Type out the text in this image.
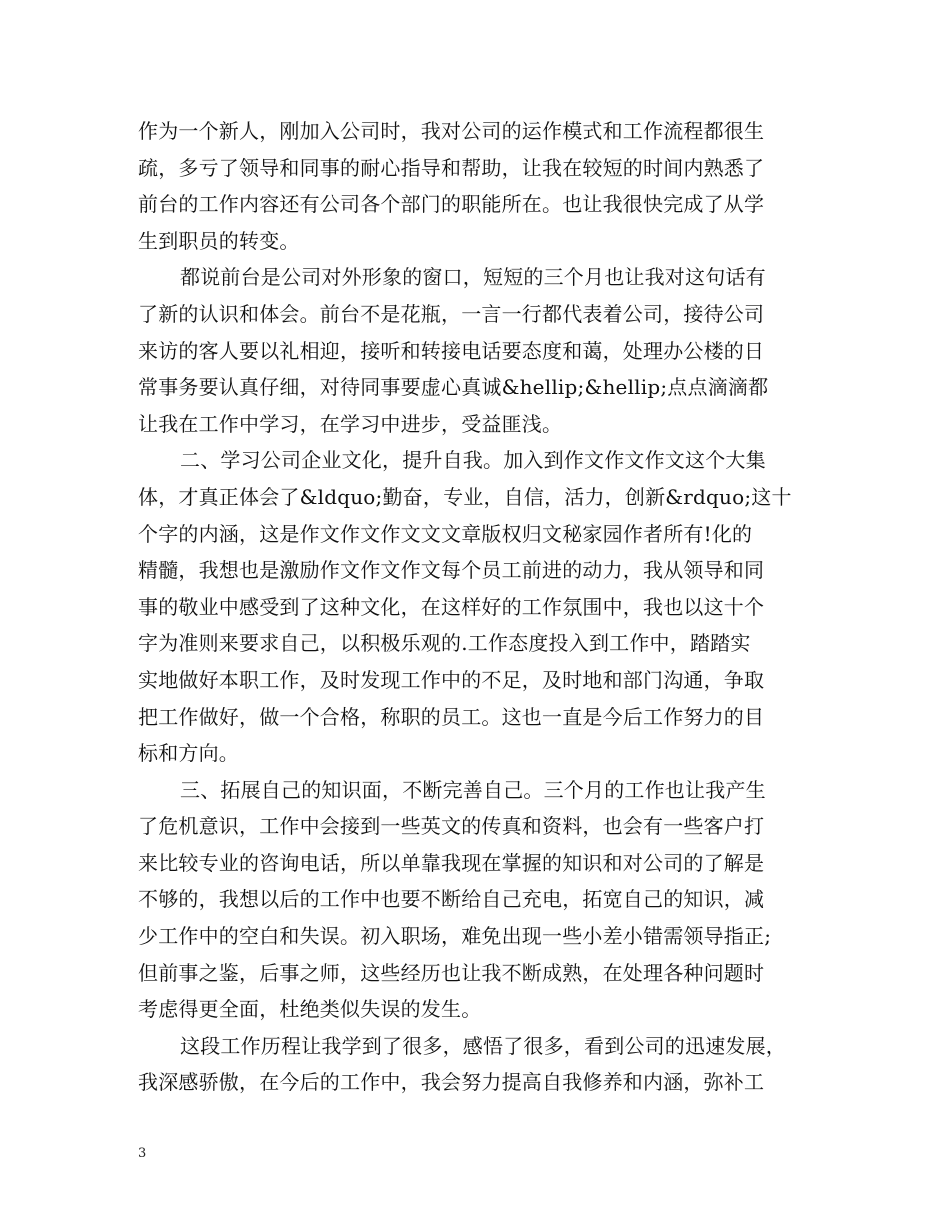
作为一个新人，刚加入公司时，我对公司的运作模式和工作流程都很生
疏，多亏了领导和同事的耐心指导和帮助，让我在较短的时间内熟悉了
前台的工作内容还有公司各个部门的职能所在。也让我很快完成了从学
生到职员的转变。
都说前台是公司对外形象的窗口，短短的三个月也让我对这句话有
了新的认识和体会。前台不是花瓶，一言一行都代表着公司，接待公司
来访的客人要以礼相迎，接听和转接电话要态度和蔼，处理办公楼的日
常事务要认真仔细，对待同事要虚心真诚&hellip;&hellip;点点滴滴都
让我在工作中学习，在学习中进步，受益匪浅。
二、学习公司企业文化，提升自我。加入到作文作文作文这个大集
体，才真正体会了&ldquo;勤奋，专业，自信，活力，创新&rdquo;这十
个字的内涵，这是作文作文作文文文章版权归文秘家园作者所有!化的
精髓，我想也是激励作文作文作文每个员工前进的动力，我从领导和同
事的敬业中感受到了这种文化，在这样好的工作氛围中，我也以这十个
字为准则来要求自己，以积极乐观的.工作态度投入到工作中，踏踏实
实地做好本职工作，及时发现工作中的不足，及时地和部门沟通，争取
把工作做好，做一个合格，称职的员工。这也一直是今后工作努力的目
标和方向。
三、拓展自己的知识面，不断完善自己。三个月的工作也让我产生
了危机意识，工作中会接到一些英文的传真和资料，也会有一些客户打
来比较专业的咨询电话，所以单靠我现在掌握的知识和对公司的了解是
不够的，我想以后的工作中也要不断给自己充电，拓宽自己的知识，减
少工作中的空白和失误。初入职场，难免出现一些小差小错需领导指正;
但前事之鉴，后事之师，这些经历也让我不断成熟，在处理各种问题时
考虑得更全面，杜绝类似失误的发生。
这段工作历程让我学到了很多，感悟了很多，看到公司的迅速发展，
我深感骄傲，在今后的工作中，我会努力提高自我修养和内涵，弥补工
3
